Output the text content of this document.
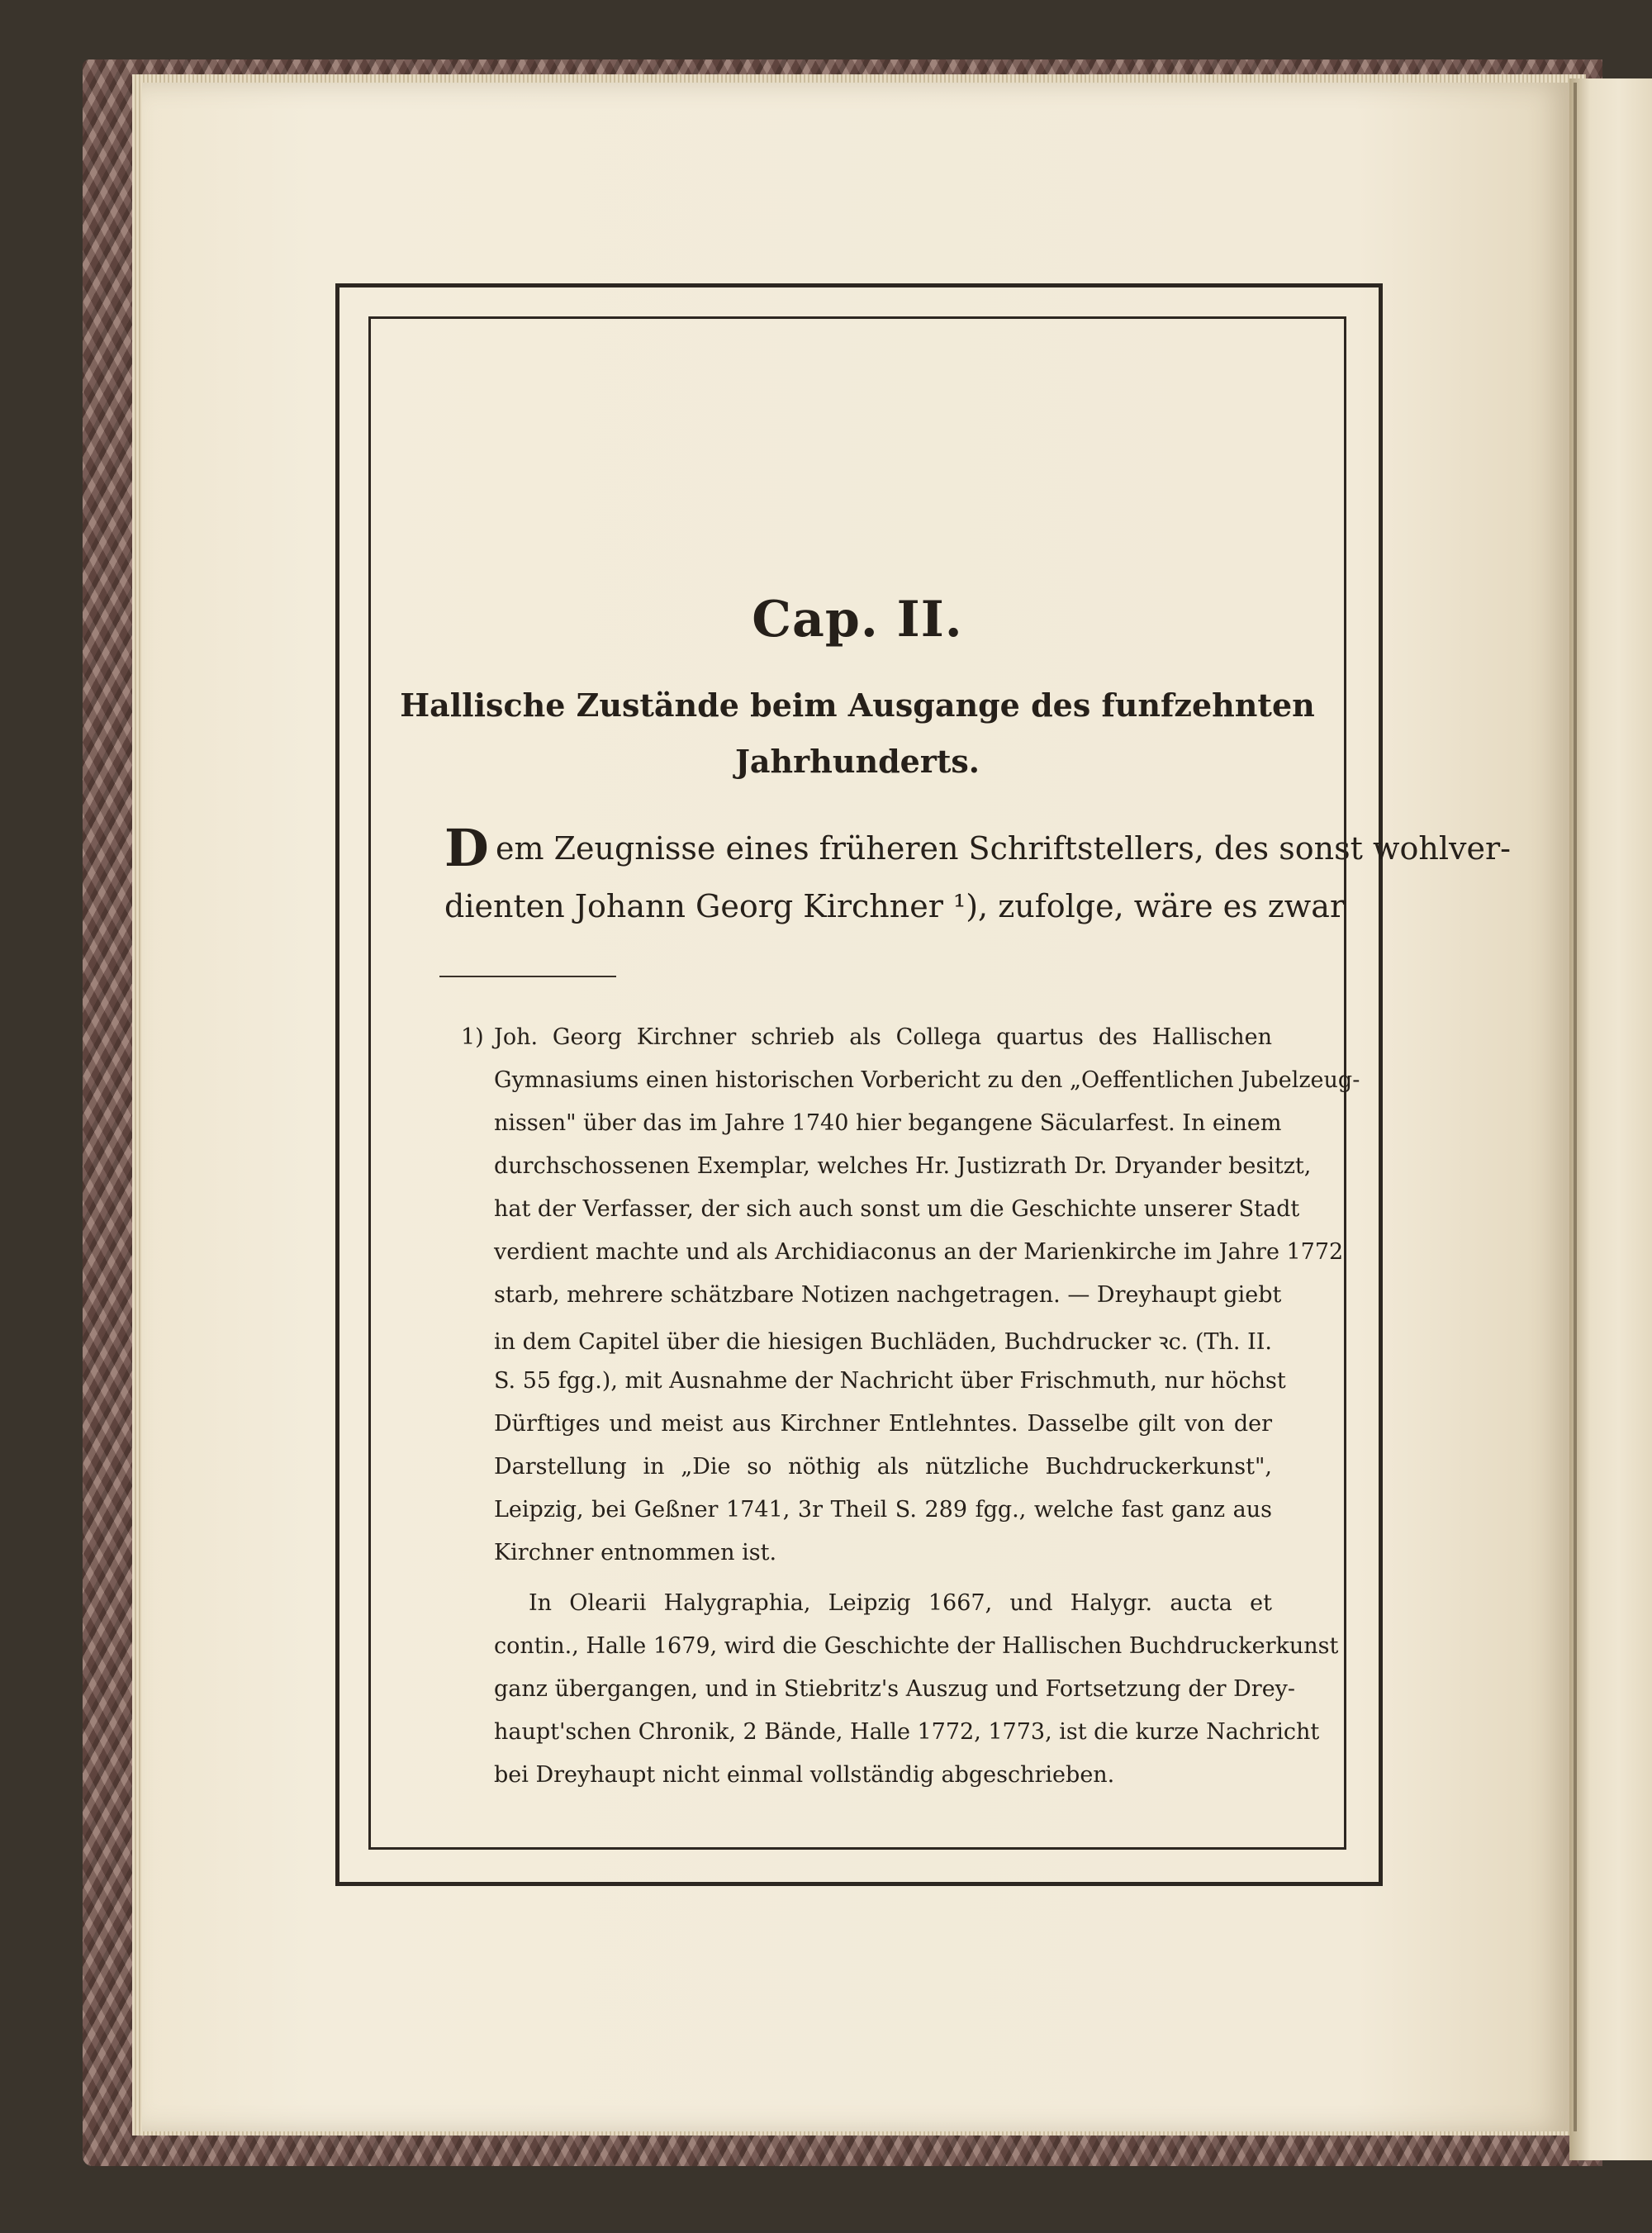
Cap. II.
Hallische Zustände beim Ausgange des funfzehnten
Jahrhunderts.
D em Zeugnisse eines früheren Schriftstellers, des sonst wohlver-
dienten Johann Georg Kirchner ¹), zufolge, wäre es zwar
1) Joh. Georg Kirchner schrieb als Collega quartus des Hallischen
Gymnasiums einen historischen Vorbericht zu den „Oeffentlichen Jubelzeug-
nissen" über das im Jahre 1740 hier begangene Säcularfest. In einem
durchschossenen Exemplar, welches Hr. Justizrath Dr. Dryander besitzt,
hat der Verfasser, der sich auch sonst um die Geschichte unserer Stadt
verdient machte und als Archidiaconus an der Marienkirche im Jahre 1772
starb, mehrere schätzbare Notizen nachgetragen. — Dreyhaupt giebt
in dem Capitel über die hiesigen Buchläden, Buchdrucker ꝛc. (Th. II.
S. 55 fgg.), mit Ausnahme der Nachricht über Frischmuth, nur höchst
Dürftiges und meist aus Kirchner Entlehntes. Dasselbe gilt von der
Darstellung in „Die so nöthig als nützliche Buchdruckerkunst",
Leipzig, bei Geßner 1741, 3r Theil S. 289 fgg., welche fast ganz aus
Kirchner entnommen ist.
In Olearii Halygraphia, Leipzig 1667, und Halygr. aucta et
contin., Halle 1679, wird die Geschichte der Hallischen Buchdruckerkunst
ganz übergangen, und in Stiebritz's Auszug und Fortsetzung der Drey-
haupt'schen Chronik, 2 Bände, Halle 1772, 1773, ist die kurze Nachricht
bei Dreyhaupt nicht einmal vollständig abgeschrieben.
